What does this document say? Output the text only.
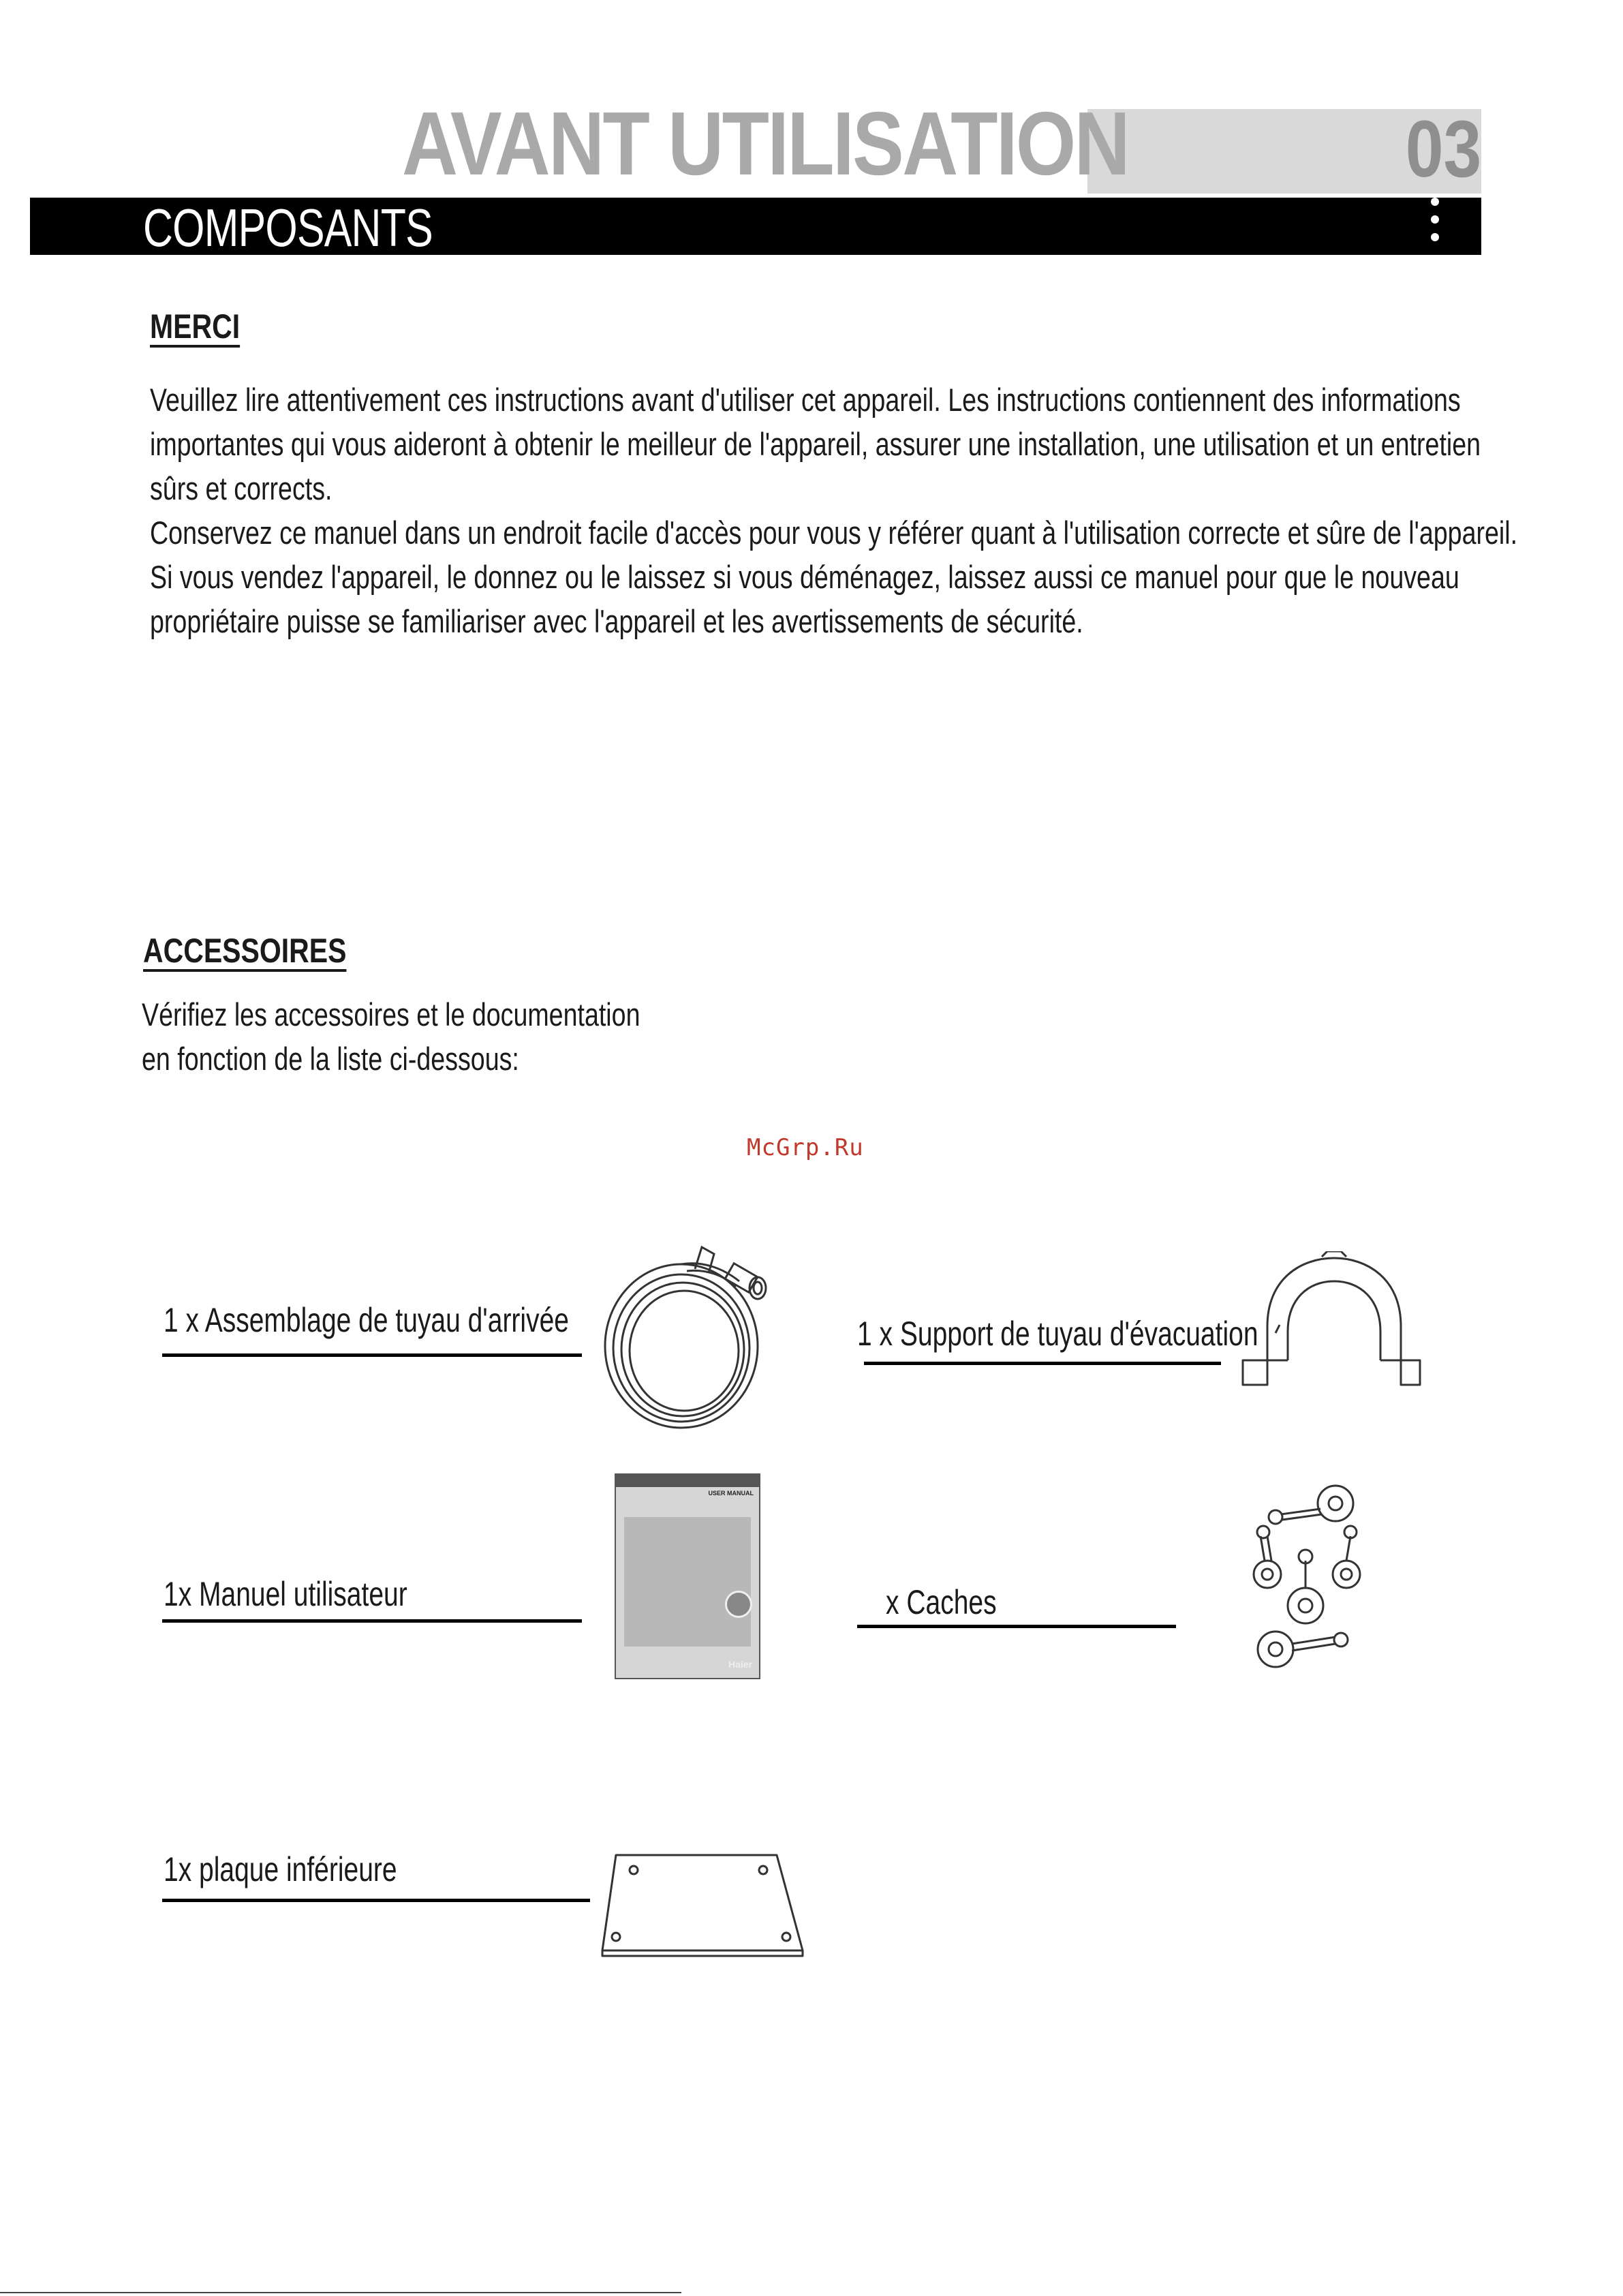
AVANT UTILISATION	03
COMPOSANTS
MERCI
Veuillez lire attentivement ces instructions avant d'utiliser cet appareil. Les instructions contiennent des informations
importantes qui vous aideront à obtenir le meilleur de l'appareil, assurer une installation, une utilisation et un entretien
sûrs et corrects.
Conservez ce manuel dans un endroit facile d'accès pour vous y référer quant à l'utilisation correcte et sûre de l'appareil.
Si vous vendez l'appareil, le donnez ou le laissez si vous déménagez, laissez aussi ce manuel pour que le nouveau
propriétaire puisse se familiariser avec l'appareil et les avertissements de sécurité.
ACCESSOIRES
Vérifiez les accessoires et le documentation
en fonction de la liste ci-dessous:
McGrp.Ru
1 x Assemblage de tuyau d'arrivée	1 x Support de tuyau d'évacuation
1x Manuel utilisateur
USER MANUAL
Haier
x Caches
1x plaque inférieure
